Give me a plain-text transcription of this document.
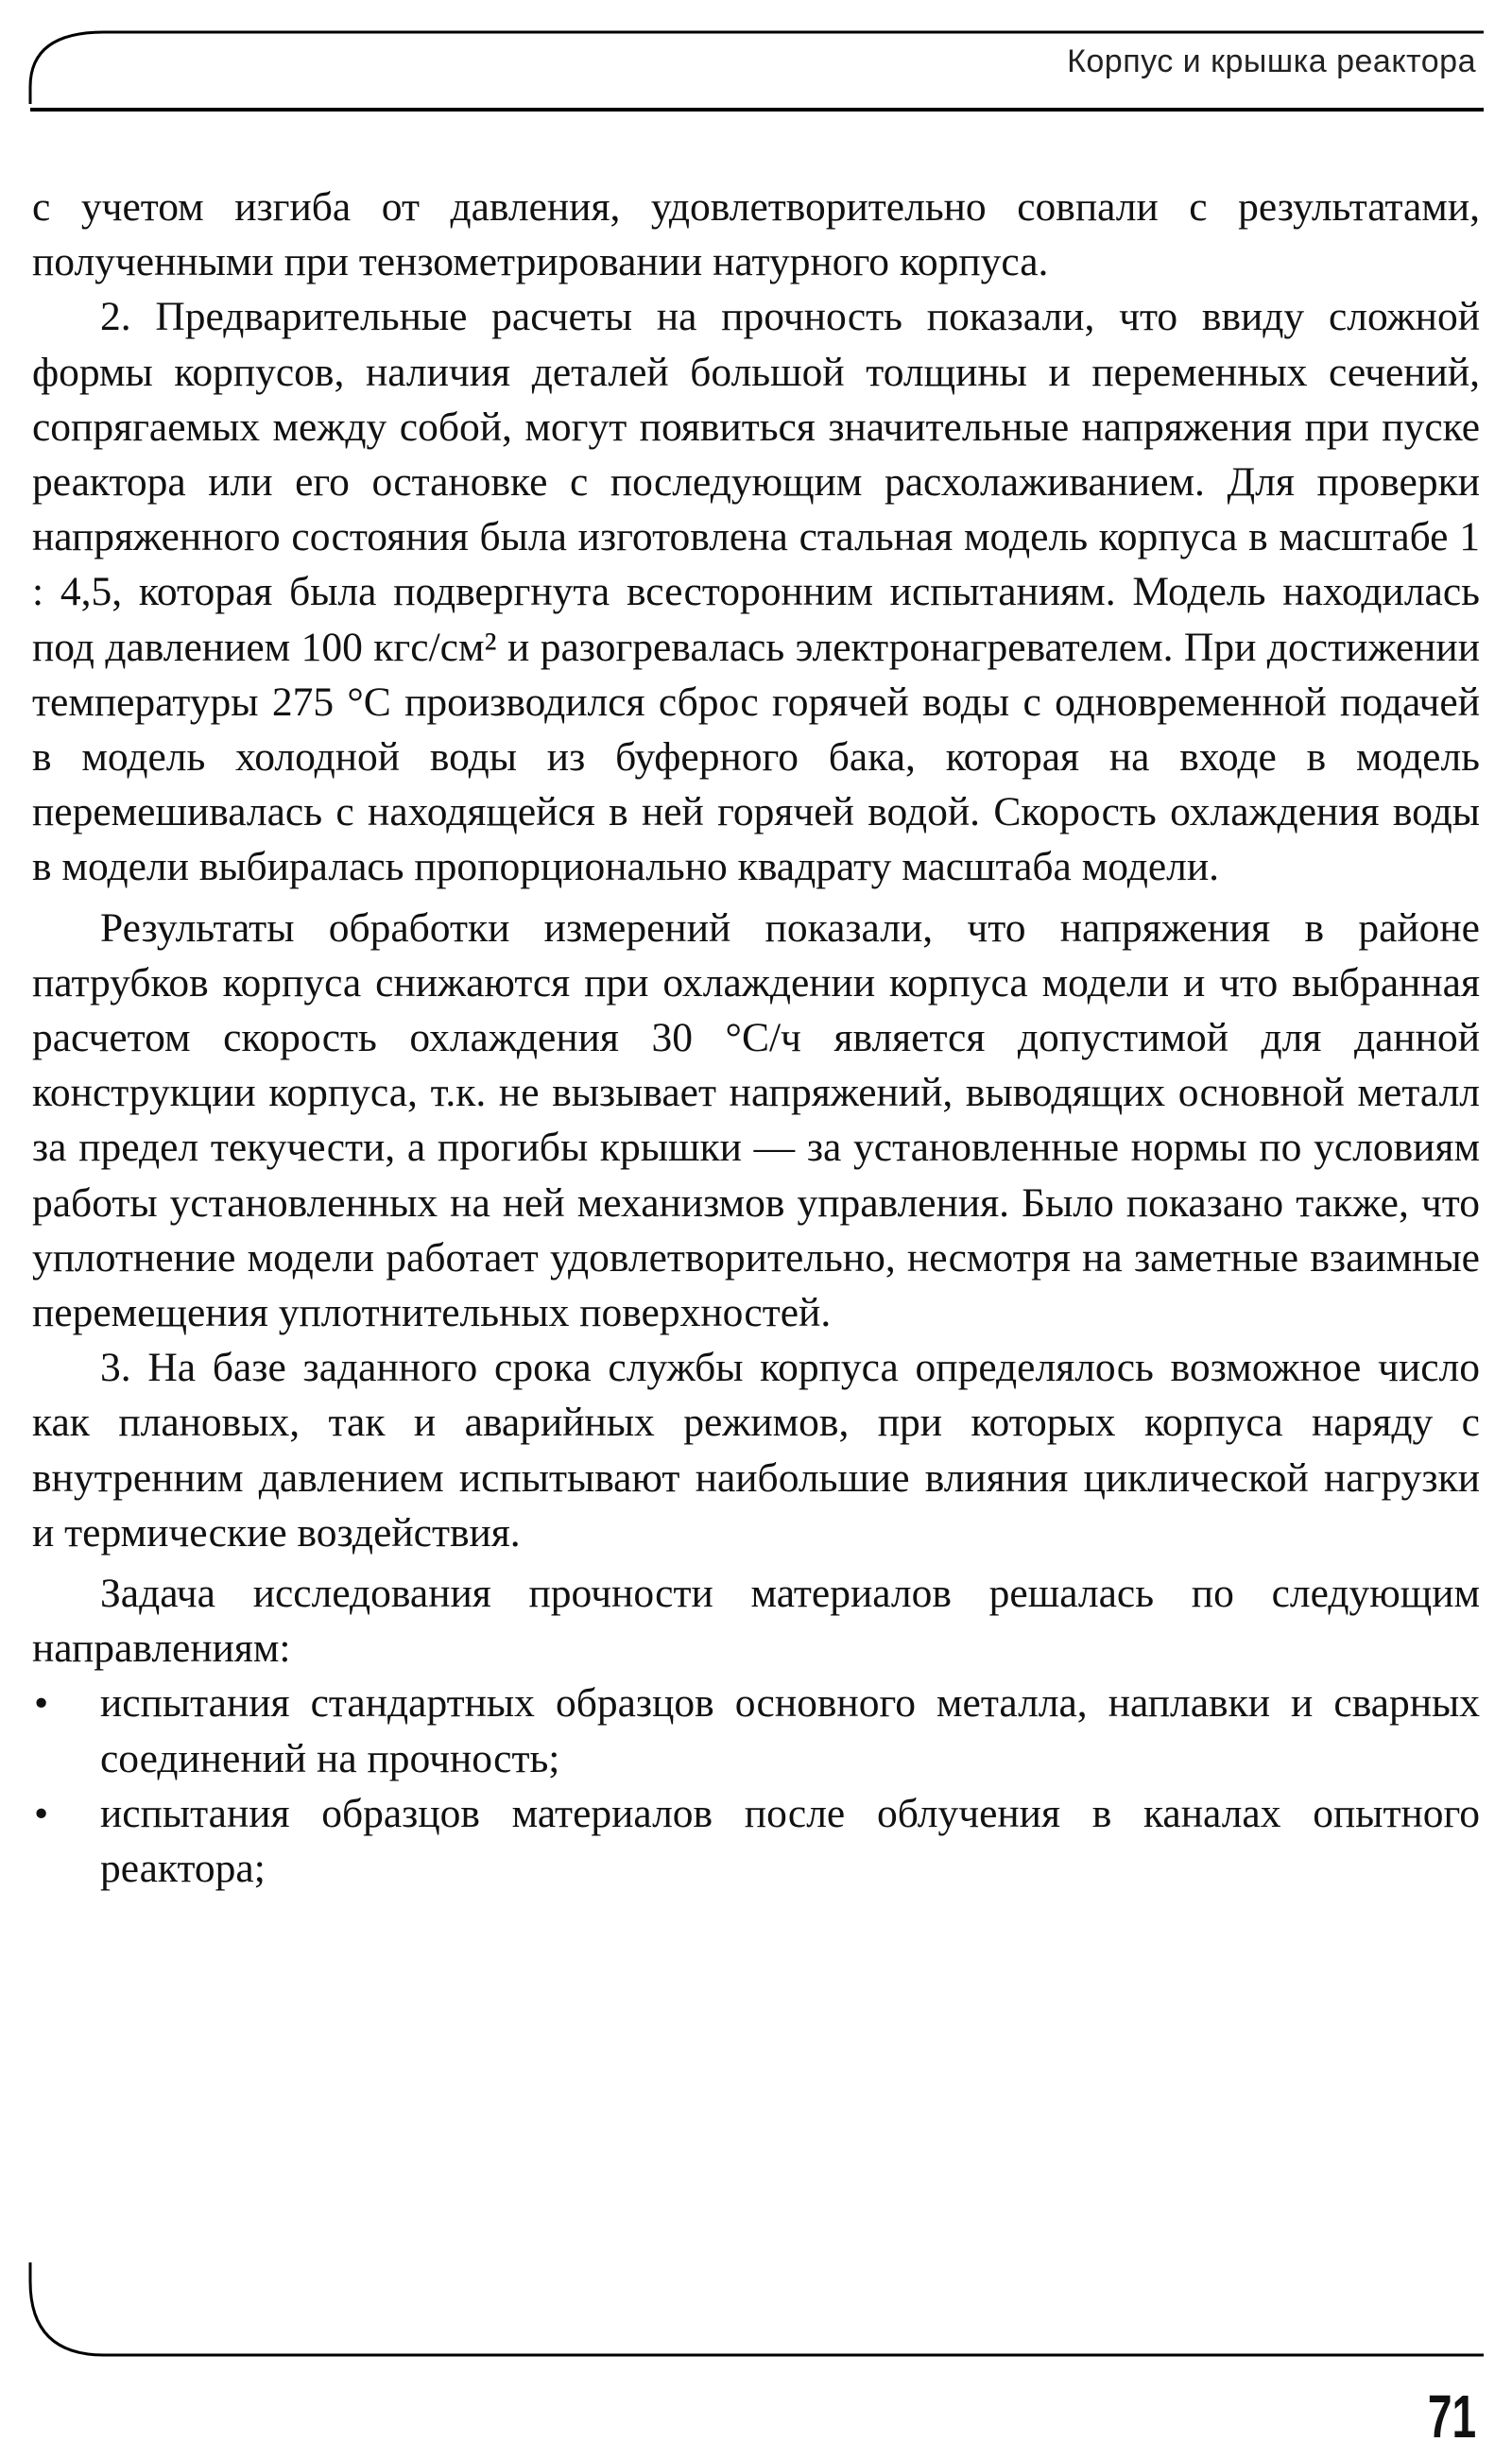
Корпус и крышка реактора

с учетом изгиба от давления, удовлетворительно совпали с результатами, полученными при тензометрировании натурного корпуса.

2. Предварительные расчеты на прочность показали, что ввиду сложной формы корпусов, наличия деталей большой толщины и переменных сечений, сопрягаемых между собой, могут появиться значительные напряжения при пуске реактора или его остановке с последующим расхолаживанием. Для проверки напряженного состояния была изготовлена стальная модель корпуса в масштабе 1 : 4,5, которая была подвергнута всесторонним испытаниям. Модель находилась под давлением 100 кгс/см² и разогревалась электронагревателем. При достижении температуры 275 °С производился сброс горячей воды с одновременной подачей в модель холодной воды из буферного бака, которая на входе в модель перемешивалась с находящейся в ней горячей водой. Скорость охлаждения воды в модели выбиралась пропорционально квадрату масштаба модели.

Результаты обработки измерений показали, что напряжения в районе патрубков корпуса снижаются при охлаждении корпуса модели и что выбранная расчетом скорость охлаждения 30 °С/ч является допустимой для данной конструкции корпуса, т.к. не вызывает напряжений, выводящих основной металл за предел текучести, а прогибы крышки — за установленные нормы по условиям работы установленных на ней механизмов управления. Было показано также, что уплотнение модели работает удовлетворительно, несмотря на заметные взаимные перемещения уплотнительных поверхностей.

3. На базе заданного срока службы корпуса определялось возможное число как плановых, так и аварийных режимов, при которых корпуса наряду с внутренним давлением испытывают наибольшие влияния циклической нагрузки и термические воздействия.

Задача исследования прочности материалов решалась по следующим направлениям:

• испытания стандартных образцов основного металла, наплавки и сварных соединений на прочность;
• испытания образцов материалов после облучения в каналах опытного реактора;
71
